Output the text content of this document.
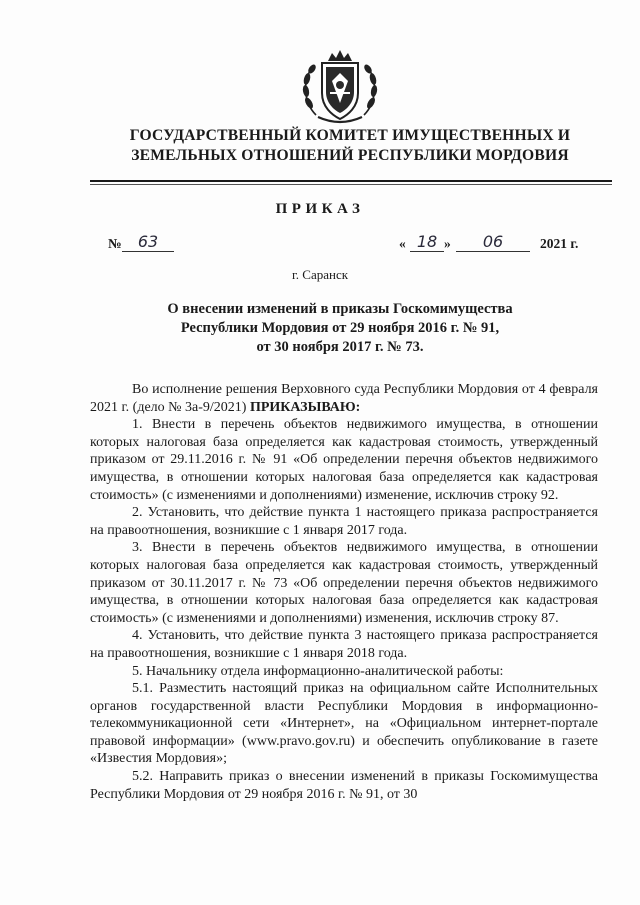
ГОСУДАРСТВЕННЫЙ КОМИТЕТ ИМУЩЕСТВЕННЫХ И
ЗЕМЕЛЬНЫХ ОТНОШЕНИЙ РЕСПУБЛИКИ МОРДОВИЯ
ПРИКАЗ
№	63	« 18 »	06	2021 г.
г. Саранск
О внесении изменений в приказы Госкомимущества
Республики Мордовия от 29 ноября 2016 г. № 91,
от 30 ноября 2017 г. № 73.

Во исполнение решения Верховного суда Республики Мордовия от 4 февраля 2021 г. (дело № 3а-9/2021) ПРИКАЗЫВАЮ:

1. Внести в перечень объектов недвижимого имущества, в отношении которых налоговая база определяется как кадастровая стоимость, утвержденный приказом от 29.11.2016 г. № 91 «Об определении перечня объектов недвижимого имущества, в отношении которых налоговая база определяется как кадастровая стоимость» (с изменениями и дополнениями) изменение, исключив строку 92.

2. Установить, что действие пункта 1 настоящего приказа распространяется на правоотношения, возникшие с 1 января 2017 года.

3. Внести в перечень объектов недвижимого имущества, в отношении которых налоговая база определяется как кадастровая стоимость, утвержденный приказом от 30.11.2017 г. № 73 «Об определении перечня объектов недвижимого имущества, в отношении которых налоговая база определяется как кадастровая стоимость» (с изменениями и дополнениями) изменения, исключив строку 87.

4. Установить, что действие пункта 3 настоящего приказа распространяется на правоотношения, возникшие с 1 января 2018 года.

5. Начальнику отдела информационно-аналитической работы:

5.1. Разместить настоящий приказ на официальном сайте Исполнительных органов государственной власти Республики Мордовия в информационно-телекоммуникационной сети «Интернет», на «Официальном интернет-портале правовой информации» (www.pravo.gov.ru) и обеспечить опубликование в газете «Известия Мордовия»;

5.2. Направить приказ о внесении изменений в приказы Госкомимущества Республики Мордовия от 29 ноября 2016 г. № 91, от 30
